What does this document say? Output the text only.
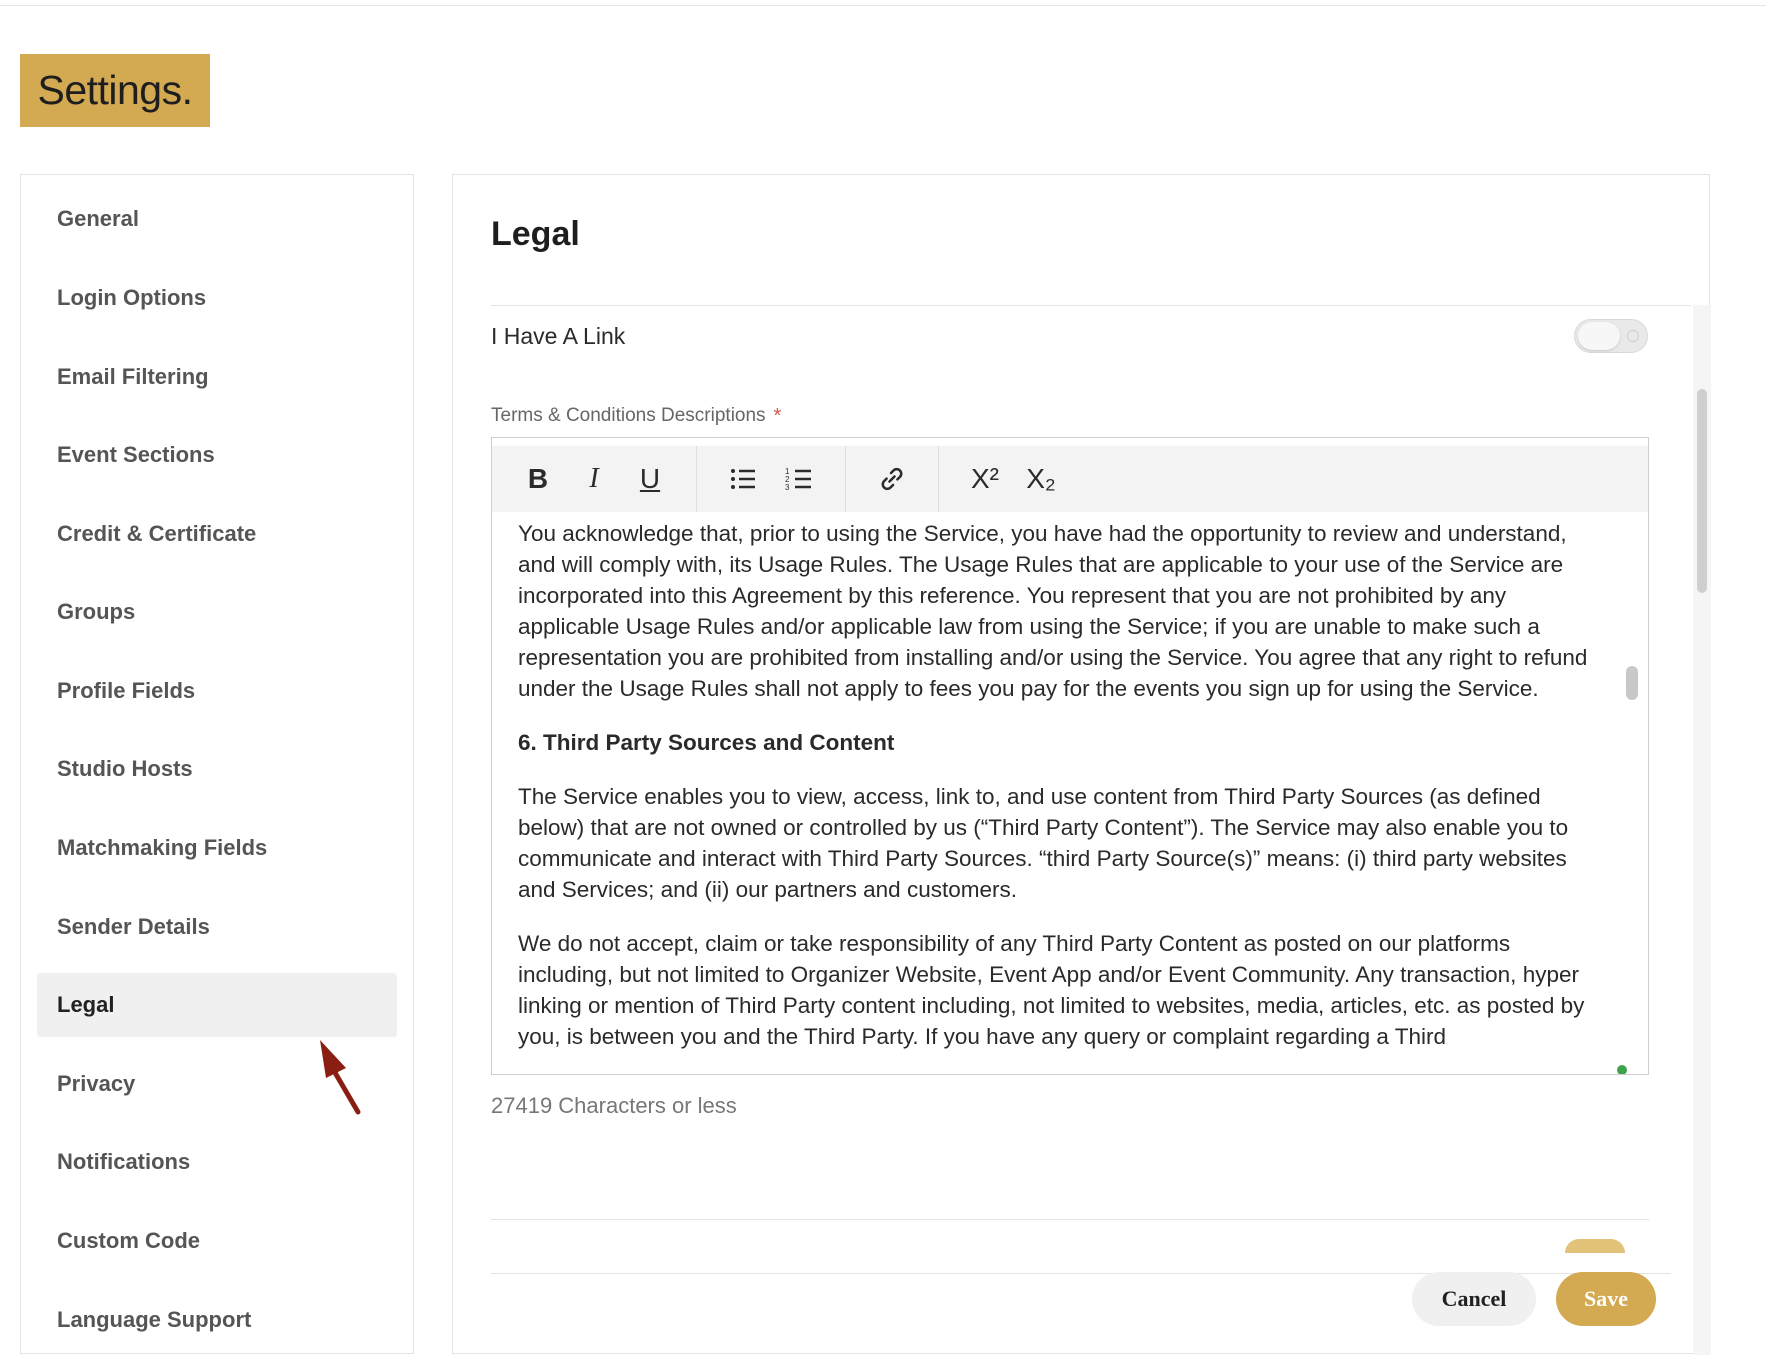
Settings.
General
Login Options
Email Filtering
Event Sections
Credit & Certificate
Groups
Profile Fields
Studio Hosts
Matchmaking Fields
Sender Details
Legal
Privacy
Notifications
Custom Code
Language Support
Legal
I Have A Link
Terms & Conditions Descriptions *
B	I	U	1
2
3	X² X₂

You acknowledge that, prior to using the Service, you have had the opportunity to review and understand, and will comply with, its Usage Rules. The Usage Rules that are applicable to your use of the Service are incorporated into this Agreement by this reference. You represent that you are not prohibited by any applicable Usage Rules and/or applicable law from using the Service; if you are unable to make such a representation you are prohibited from installing and/or using the Service. You agree that any right to refund under the Usage Rules shall not apply to fees you pay for the events you sign up for using the Service.

6. Third Party Sources and Content

The Service enables you to view, access, link to, and use content from Third Party Sources (as defined below) that are not owned or controlled by us (“Third Party Content”). The Service may also enable you to communicate and interact with Third Party Sources. “third Party Source(s)” means: (i) third party websites and Services; and (ii) our partners and customers.

We do not accept, claim or take responsibility of any Third Party Content as posted on our platforms including, but not limited to Organizer Website, Event App and/or Event Community. Any transaction, hyper linking or mention of Third Party content including, not limited to websites, media, articles, etc. as posted by you, is between you and the Third Party. If you have any query or complaint regarding a Third

27419 Characters or less
Cancel	Save
